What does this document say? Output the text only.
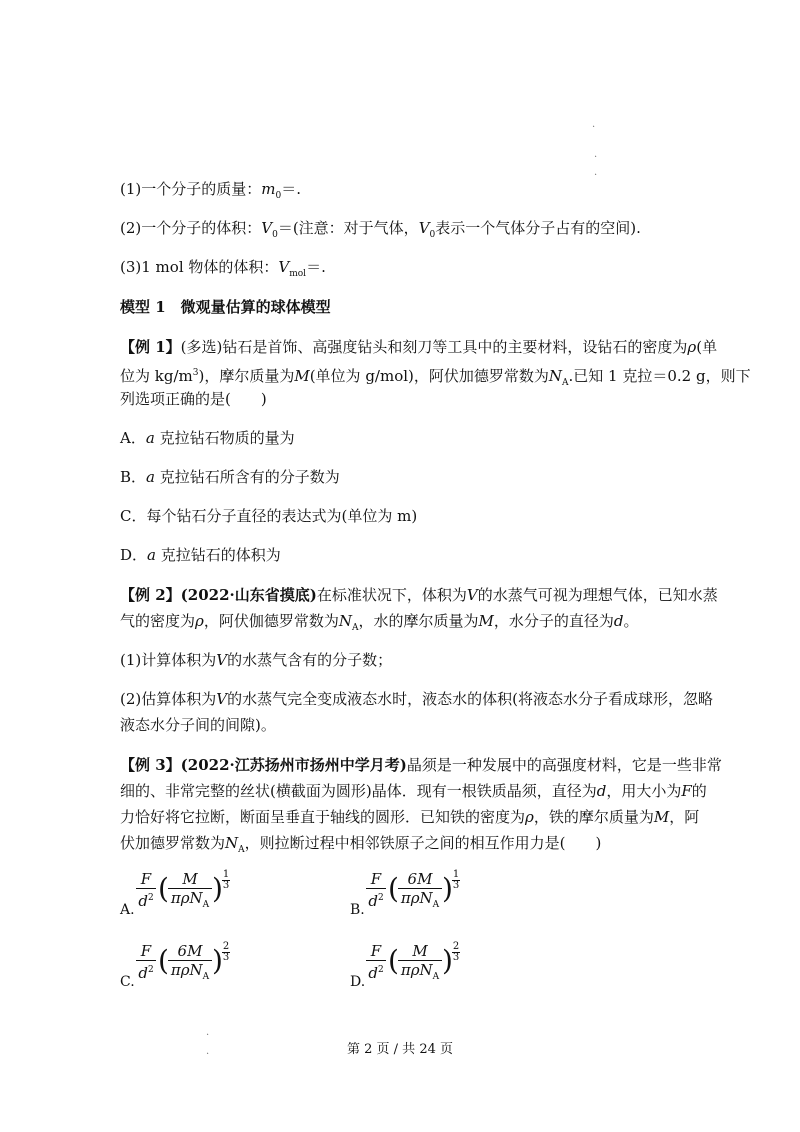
.
.
.
.
.
(1)一个分子的质量：$m_0=$.
(2)一个分子的体积：$V_0=$(注意：对于气体，$V_0$表示一个气体分子占有的空间).
(3)1 mol 物体的体积：$V_{mol}=$.
模型 1　微观量估算的球体模型
【例 1】(多选)钻石是首饰、高强度钻头和刻刀等工具中的主要材料，设钻石的密度为ρ(单
位为 $kg/m^3$)，摩尔质量为M(单位为 g/mol)，阿伏加德罗常数为$N_A$.已知 1 克拉＝0.2 g，则下
列选项正确的是(　　)
A．a 克拉钻石物质的量为
B．a 克拉钻石所含有的分子数为
C．每个钻石分子直径的表达式为(单位为 m)
D．a 克拉钻石的体积为
【例 2】(2022·山东省摸底)在标准状况下，体积为V的水蒸气可视为理想气体，已知水蒸
气的密度为ρ，阿伏伽德罗常数为$N_A$，水的摩尔质量为M，水分子的直径为d。
(1)计算体积为V的水蒸气含有的分子数；
(2)估算体积为V的水蒸气完全变成液态水时，液态水的体积(将液态水分子看成球形，忽略
液态水分子间的间隙)。
【例 3】(2022·江苏扬州市扬州中学月考)晶须是一种发展中的高强度材料，它是一些非常
细的、非常完整的丝状(横截面为圆形)晶体．现有一根铁质晶须，直径为d，用大小为F的
力恰好将它拉断，断面呈垂直于轴线的圆形．已知铁的密度为ρ，铁的摩尔质量为M，阿
伏加德罗常数为$N_A$，则拉断过程中相邻铁原子之间的相互作用力是(　　)
A. $\frac{F}{d^2}$ ( M
πρN$_A$ ) $\frac{1}{3}$
B. $\frac{F}{d^2}$ ( 6M
πρN$_A$ ) $\frac{1}{3}$
C. $\frac{F}{d^2}$ ( 6M
πρN$_A$ ) $\frac{2}{3}$
D. $\frac{F}{d^2}$ ( M
πρN$_A$ ) $\frac{2}{3}$
第 2 页 / 共 24 页
